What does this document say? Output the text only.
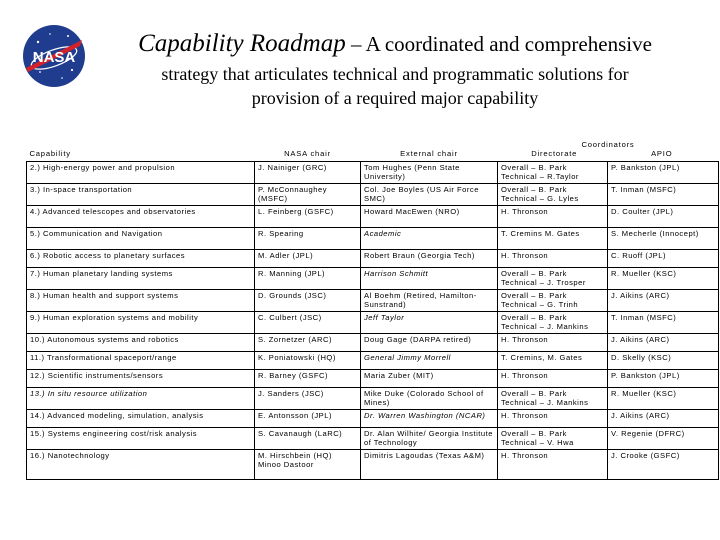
NASA
Capability Roadmap – A coordinated and comprehensive
strategy that articulates technical and programmatic solutions for
provision of a required major capability
Capability	NASA chair	External chair	Coordinators
Directorate APIO	

2.) High-energy power and propulsion	J. Nainiger (GRC)	Tom Hughes (Penn State University)	Overall – B. Park Technical – R.Taylor	P. Bankston (JPL)
3.) In-space transportation	P. McConnaughey (MSFC)	Col. Joe Boyles (US Air Force SMC)	Overall – B. Park Technical – G. Lyles	T. Inman (MSFC)
4.) Advanced telescopes and observatories	L. Feinberg (GSFC)	Howard MacEwen (NRO)	H. Thronson	D. Coulter (JPL)
5.) Communication and Navigation	R. Spearing	Academic	T. Cremins M. Gates	S. Mecherle (Innocept)
6.) Robotic access to planetary surfaces	M. Adler (JPL)	Robert Braun (Georgia Tech)	H. Thronson	C. Ruoff (JPL)
7.) Human planetary landing systems	R. Manning (JPL)	Harrison Schmitt	Overall – B. Park Technical – J. Trosper	R. Mueller (KSC)
8.) Human health and support systems	D. Grounds (JSC)	Al Boehm (Retired, Hamilton-Sunstrand)	Overall – B. Park Technical – G. Trinh	J. Aikins (ARC)
9.) Human exploration systems and mobility	C. Culbert (JSC)	Jeff Taylor	Overall – B. Park Technical – J. Mankins	T. Inman (MSFC)
10.) Autonomous systems and robotics	S. Zornetzer (ARC)	Doug Gage (DARPA retired)	H. Thronson	J. Aikins (ARC)
11.) Transformational spaceport/range	K. Poniatowski (HQ)	General Jimmy Morrell	T. Cremins, M. Gates	D. Skelly (KSC)
12.) Scientific instruments/sensors	R. Barney (GSFC)	Maria Zuber (MIT)	H. Thronson	P. Bankston (JPL)
13.) In situ resource utilization	J. Sanders (JSC)	Mike Duke (Colorado School of Mines)	Overall – B. Park Technical – J. Mankins	R. Mueller (KSC)
14.) Advanced modeling, simulation, analysis	E. Antonsson (JPL)	Dr. Warren Washington (NCAR)	H. Thronson	J. Aikins (ARC)
15.) Systems engineering cost/risk analysis	S. Cavanaugh (LaRC)	Dr. Alan Wilhite/ Georgia Institute of Technology	Overall – B. Park Technical – V. Hwa	V. Regenie (DFRC)
16.) Nanotechnology	M. Hirschbein (HQ) Minoo Dastoor	Dimitris Lagoudas (Texas A&M)	H. Thronson	J. Crooke (GSFC)
